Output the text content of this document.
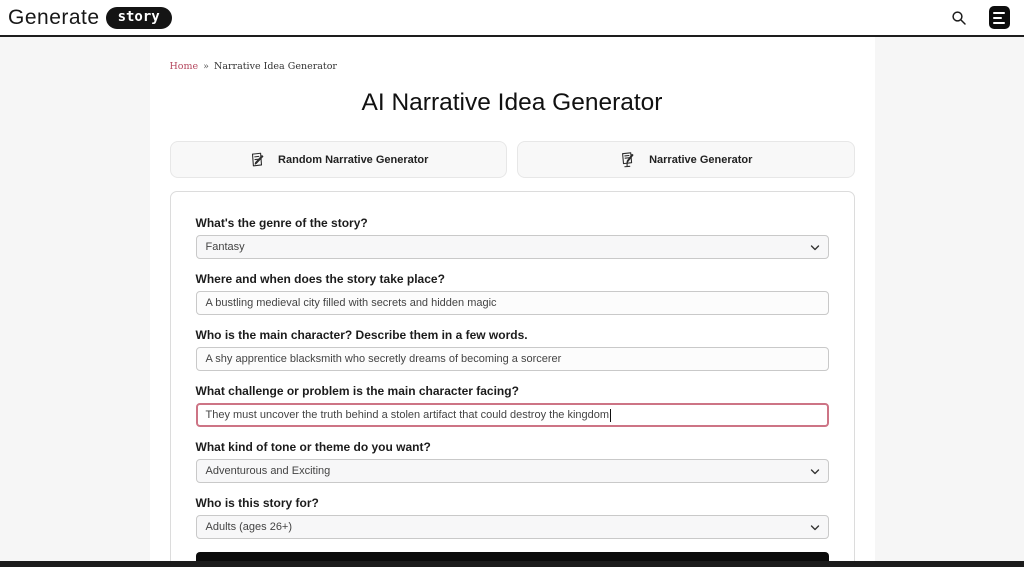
Generate	story
Home » Narrative Idea Generator
AI Narrative Idea Generator
Random Narrative Generator	Narrative Generator
What's the genre of the story?
Fantasy
Where and when does the story take place?
A bustling medieval city filled with secrets and hidden magic
Who is the main character? Describe them in a few words.
A shy apprentice blacksmith who secretly dreams of becoming a sorcerer
What challenge or problem is the main character facing?
They must uncover the truth behind a stolen artifact that could destroy the kingdom
What kind of tone or theme do you want?
Adventurous and Exciting
Who is this story for?
Adults (ages 26+)
